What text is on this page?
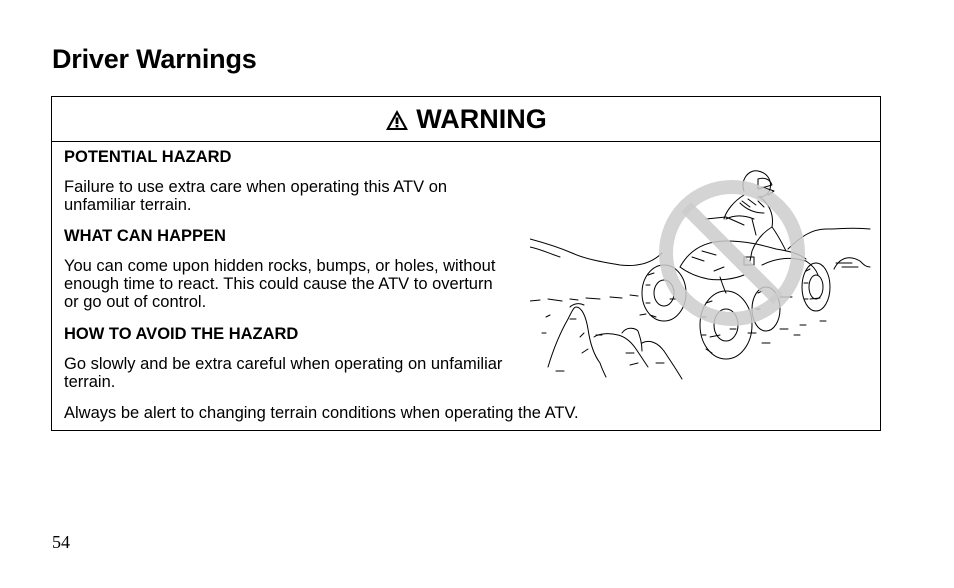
Driver Warnings
WARNING

POTENTIAL HAZARD

Failure to use extra care when operating this ATV on unfamiliar terrain.

WHAT CAN HAPPEN

You can come upon hidden rocks, bumps, or holes, without enough time to react. This could cause the ATV to overturn or go out of control.

HOW TO AVOID THE HAZARD

Go slowly and be extra careful when operating on unfamiliar terrain.

Always be alert to changing terrain conditions when operating the ATV.

54
